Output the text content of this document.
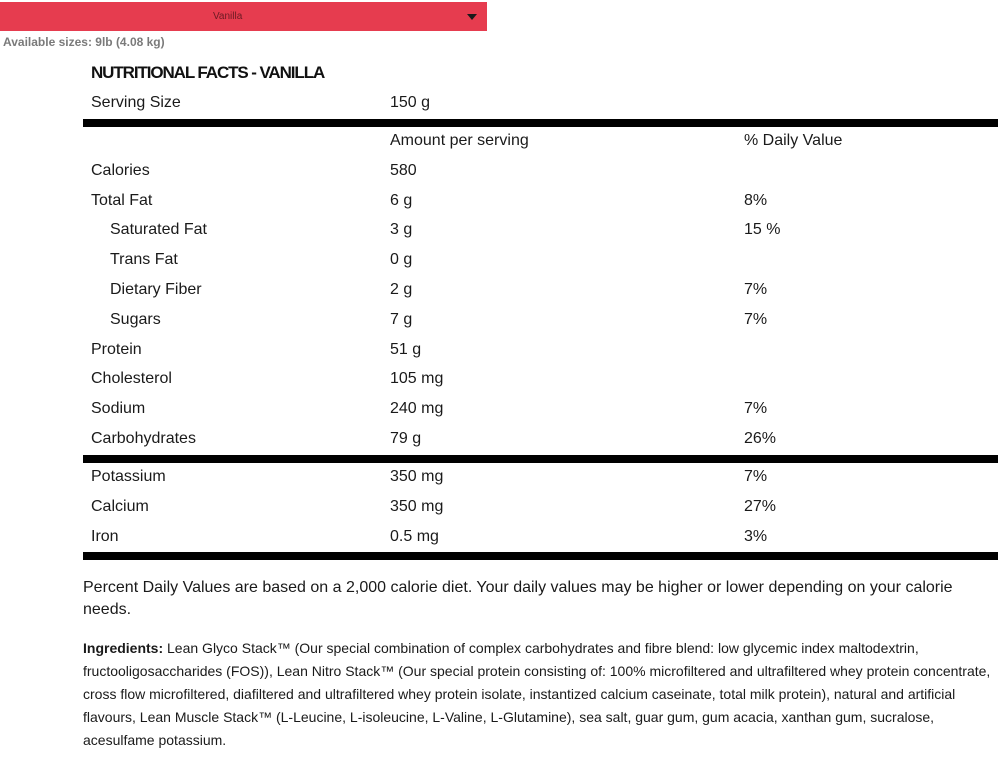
Vanilla
Available sizes: 9lb (4.08 kg)
NUTRITIONAL FACTS - VANILLA
Serving Size	150 g
Amount per serving	% Daily Value
Calories	580
Total Fat	6 g	8%
Saturated Fat	3 g	15 %
Trans Fat	0 g
Dietary Fiber	2 g	7%
Sugars	7 g	7%
Protein	51 g
Cholesterol	105 mg
Sodium	240 mg	7%
Carbohydrates	79 g	26%
Potassium	350 mg	7%
Calcium	350 mg	27%
Iron	0.5 mg	3%

Percent Daily Values are based on a 2,000 calorie diet. Your daily values may be higher or lower depending on your calorie needs.

Ingredients: Lean Glyco Stack™ (Our special combination of complex carbohydrates and fibre blend: low glycemic index maltodextrin, fructooligosaccharides (FOS)), Lean Nitro Stack™ (Our special protein consisting of: 100% microfiltered and ultrafiltered whey protein concentrate, cross flow microfiltered, diafiltered and ultrafiltered whey protein isolate, instantized calcium caseinate, total milk protein), natural and artificial flavours, Lean Muscle Stack™ (L-Leucine, L-isoleucine, L-Valine, L-Glutamine), sea salt, guar gum, gum acacia, xanthan gum, sucralose, acesulfame potassium.
